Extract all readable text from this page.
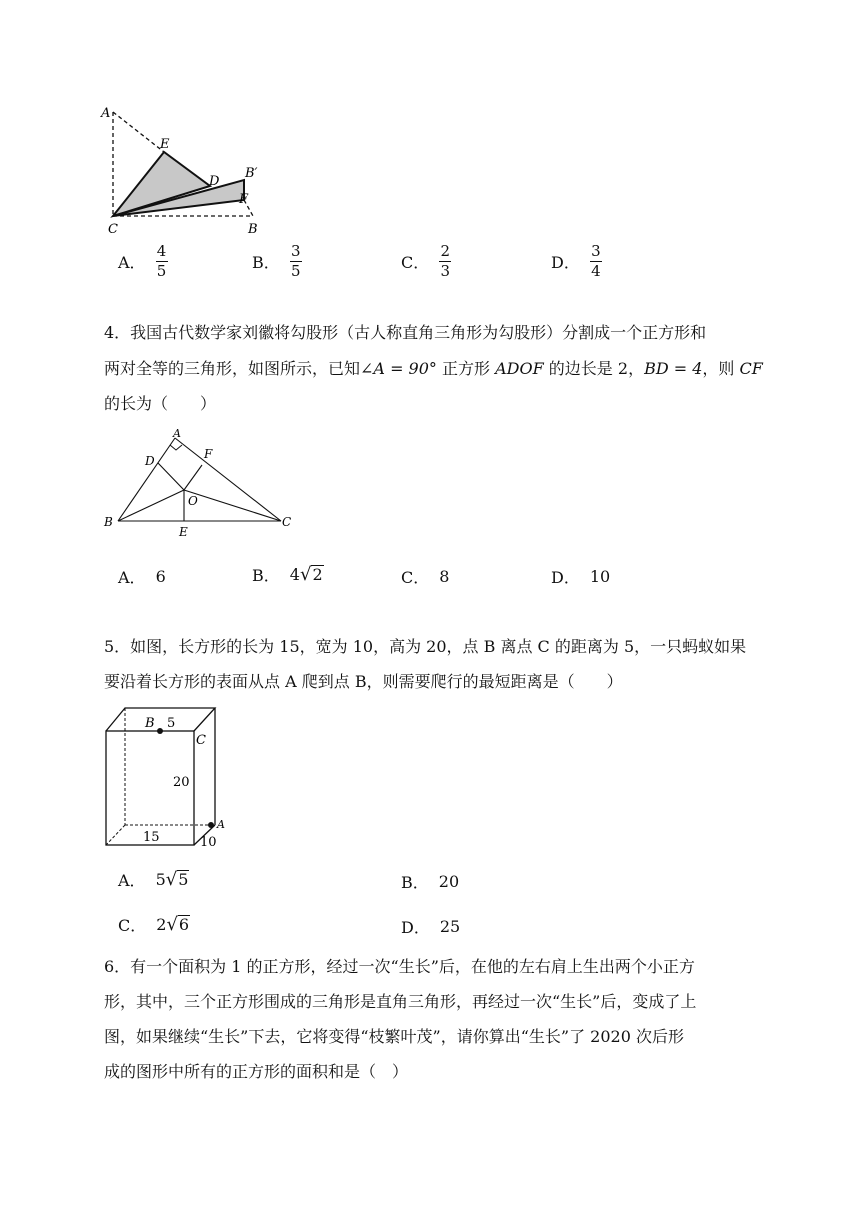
A
E
D
B′
F
C	B
A． $\frac{4}{5}$	B． $\frac{3}{5}$	C． $\frac{2}{3}$	D． $\frac{3}{4}$
4．我国古代数学家刘徽将勾股形（古人称直角三角形为勾股形）分割成一个正方形和
两对全等的三角形，如图所示，已知∠A = 90° 正方形 ADOF 的边长是 2，BD = 4，则 CF
的长为（　　）
A
D	F
O
B
E
C
A． 6	B． 4 √ 2	C． 8	D． 10
5．如图，长方形的长为 15，宽为 10，高为 20，点 B 离点 C 的距离为 5，一只蚂蚁如果
要沿着长方形的表面从点 A 爬到点 B，则需要爬行的最短距离是（　　）
B 5
C
20
A
15	10
A． 5 √ 5	B． 20
C． 2 √ 6	D． 25
6．有一个面积为 1 的正方形，经过一次“生长”后，在他的左右肩上生出两个小正方
形，其中，三个正方形围成的三角形是直角三角形，再经过一次“生长”后，变成了上
图，如果继续“生长”下去，它将变得“枝繁叶茂”，请你算出“生长”了 2020 次后形
成的图形中所有的正方形的面积和是（　）
